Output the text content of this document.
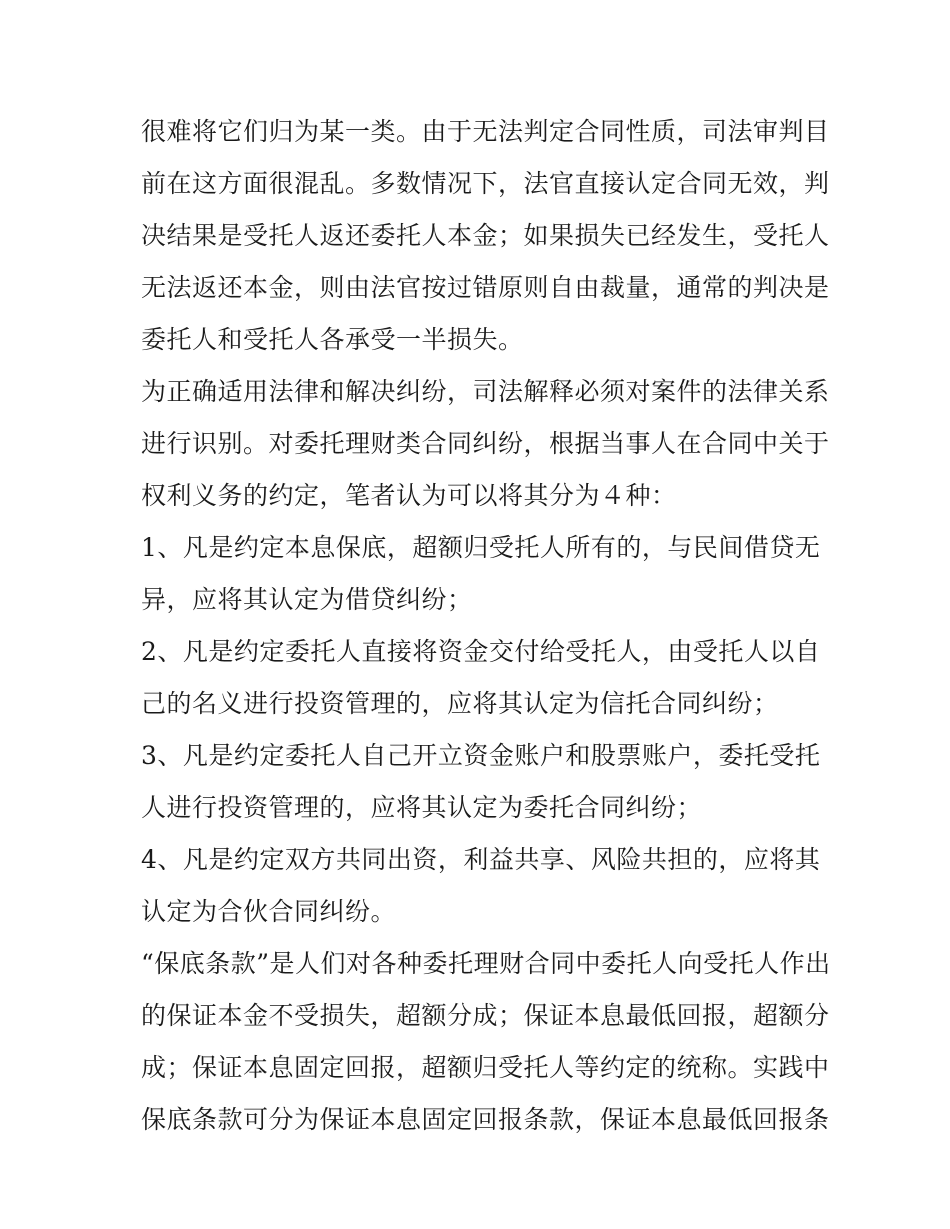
很难将它们归为某一类。由于无法判定合同性质，司法审判目
前在这方面很混乱。多数情况下，法官直接认定合同无效，判
决结果是受托人返还委托人本金；如果损失已经发生，受托人
无法返还本金，则由法官按过错原则自由裁量，通常的判决是
委托人和受托人各承受一半损失。

为正确适用法律和解决纠纷，司法解释必须对案件的法律关系
进行识别。对委托理财类合同纠纷，根据当事人在合同中关于
权利义务的约定，笔者认为可以将其分为４种：

1、凡是约定本息保底，超额归受托人所有的，与民间借贷无
异，应将其认定为借贷纠纷；

2、凡是约定委托人直接将资金交付给受托人，由受托人以自
己的名义进行投资管理的，应将其认定为信托合同纠纷；

3、凡是约定委托人自己开立资金账户和股票账户，委托受托
人进行投资管理的，应将其认定为委托合同纠纷；

4、凡是约定双方共同出资，利益共享、风险共担的，应将其
认定为合伙合同纠纷。

“保底条款”是人们对各种委托理财合同中委托人向受托人作出
的保证本金不受损失，超额分成；保证本息最低回报，超额分
成；保证本息固定回报，超额归受托人等约定的统称。实践中
保底条款可分为保证本息固定回报条款，保证本息最低回报条
